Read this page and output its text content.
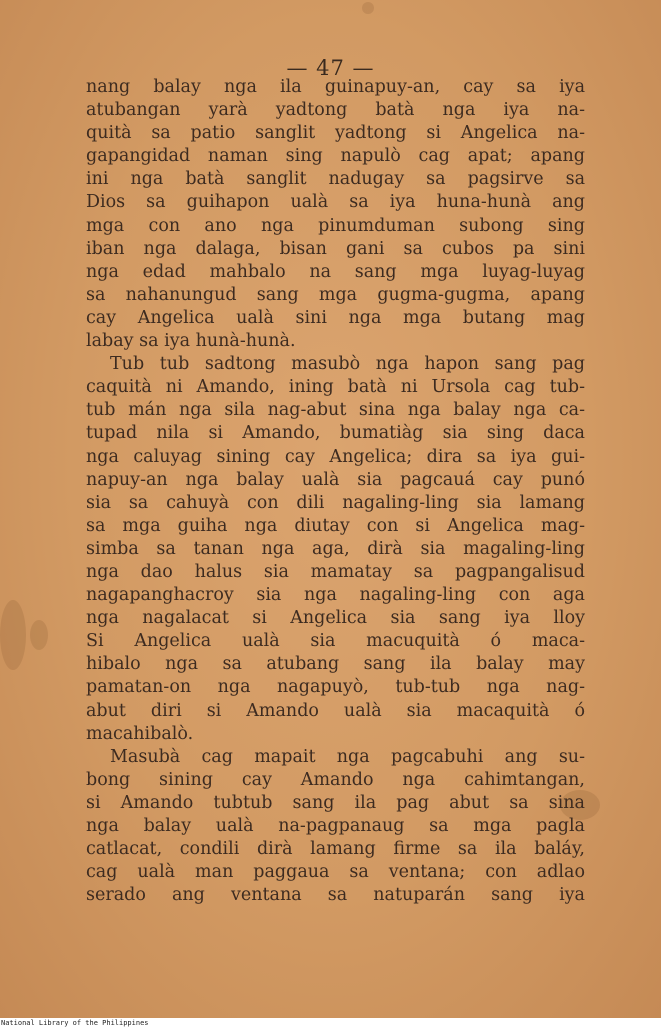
— 47 —
nang balay nga ila guinapuy-an, cay sa iya
atubangan yarà yadtong batà nga iya na-
quità sa patio sanglit yadtong si Angelica na-
gapangidad naman sing napulò cag apat; apang
ini nga batà sanglit nadugay sa pagsirve sa
Dios sa guihapon ualà sa iya huna-hunà ang
mga con ano nga pinumduman subong sing
iban nga dalaga, bisan gani sa cubos pa sini
nga edad mahbalo na sang mga luyag-luyag
sa nahanungud sang mga gugma-gugma, apang
cay Angelica ualà sini nga mga butang mag
labay sa iya hunà-hunà.
Tub tub sadtong masubò nga hapon sang pag
caquità ni Amando, ining batà ni Ursola cag tub-
tub mán nga sila nag-abut sina nga balay nga ca-
tupad nila si Amando, bumatiàg sia sing daca
nga caluyag sining cay Angelica; dira sa iya gui-
napuy-an nga balay ualà sia pagcauá cay punó
sia sa cahuyà con dili nagaling-ling sia lamang
sa mga guiha nga diutay con si Angelica mag-
simba sa tanan nga aga, dirà sia magaling-ling
nga dao halus sia mamatay sa pagpangalisud
nagapanghacroy sia nga nagaling-ling con aga
nga nagalacat si Angelica sia sang iya lloy
Si Angelica ualà sia macuquità ó maca-
hibalo nga sa atubang sang ila balay may
pamatan-on nga nagapuyò, tub-tub nga nag-
abut diri si Amando ualà sia macaquità ó
macahibalò.
Masubà cag mapait nga pagcabuhi ang su-
bong sining cay Amando nga cahimtangan,
si Amando tubtub sang ila pag abut sa sina
nga balay ualà na-pagpanaug sa mga pagla
catlacat, condili dirà lamang firme sa ila baláy,
cag ualà man paggaua sa ventana; con adlao
serado ang ventana sa natuparán sang iya
National Library of the Philippines
